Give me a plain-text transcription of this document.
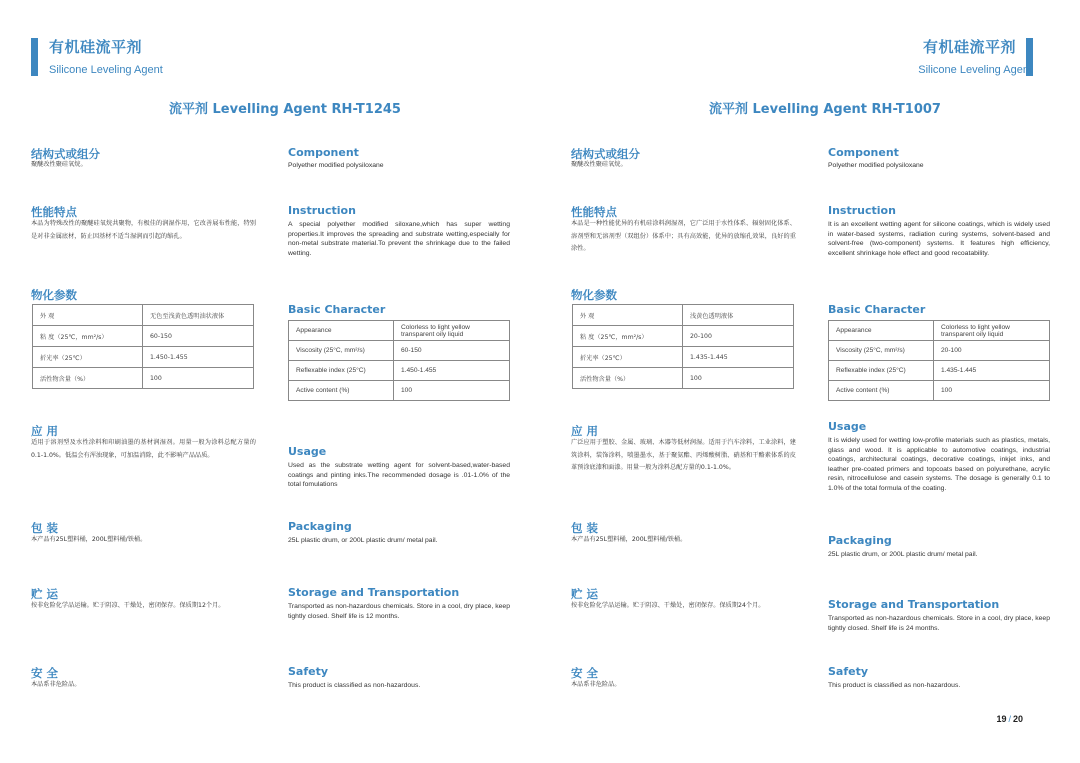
有机硅流平剂
Silicone Leveling Agent
有机硅流平剂
Silicone Leveling Agent
流平剂 Levelling Agent RH-T1245
结构式或组分
聚醚改性聚硅氧烷。
Component
Polyether modified polysiloxane
性能特点
本品为特殊改性的聚醚硅氧烷共聚物，有极佳的润湿作用，它改善展布性能，特别是对非金属底材，防止因基材不适当湿润而引起的缩孔。
Instruction
A special polyether modified siloxane,which has super wetting properties.It improves the spreading and substrate wetting,especially for non-metal substrate material.To prevent the shrinkage due to the failed wetting.
物化参数
外 观	无色至浅黄色透明油状液体
粘 度（25℃，mm²/s）	60-150
折光率（25℃）	1.450-1.455
活性物含量（%）	100
Basic Character
Appearance	Colorless to light yellow transparent oily liquid
Viscosity (25°C, mm²/s)	60-150
Reflexable index (25°C)	1.450-1.455
Active content (%)	100
应 用
适用于溶剂型及水性涂料和印刷油墨的基材润湿剂。用量一般为涂料总配方量的0.1-1.0%。低温会有浑浊现象，可加温消除，此不影响产品品质。	Usage
Used as the substrate wetting agent for solvent-based,water-based coatings and pinting inks.The recommended dosage is .01-1.0% of the total fomulations
包 装
本产品有25L塑料桶，200L塑料桶/铁桶。
Packaging
25L plastic drum, or 200L plastic drum/ metal pail.
贮 运
按非危险化学品运输。贮于阴凉、干燥处，密闭保存。保质期12个月。
Storage and Transportation
Transported as non-hazardous chemicals. Store in a cool, dry place, keep tightly closed. Shelf life is 12 months.
安 全
本品系非危险品。
Safety
This product is classified as non-hazardous.
流平剂 Levelling Agent RH-T1007
结构式或组分
聚醚改性聚硅氧烷。
Component
Polyether modified polysiloxane
性能特点
本品是一种性能优异的有机硅涂料润湿剂，它广泛用于水性体系、辐射固化体系、溶剂型和无溶剂型（双组份）体系中；具有高效能，优异的放缩孔效果，良好的重涂性。
Instruction
It is an excellent wetting agent for silicone coatings, which is widely used in water-based systems, radiation curing systems, solvent-based and solvent-free (two-component) systems. It features high efficiency, excellent shrinkage hole effect and good recoatability.
物化参数
外 观	浅黄色透明液体
粘 度（25℃，mm²/s）	20-100
折光率（25℃）	1.435-1.445
活性物含量（%）	100
Basic Character
Appearance	Colorless to light yellow transparent oily liquid
Viscosity (25°C, mm²/s)	20-100
Reflexable index (25°C)	1.435-1.445
Active content (%)	100
应 用
广泛应用于塑胶、金属、玻璃、木器等低材润湿。适用于汽车涂料，工业涂料，建筑涂料，装饰涂料，喷墨墨水，基于聚氨酯、丙烯酸树脂、硝基和干酪素体系的皮革预涂底漆和面漆。用量一般为涂料总配方量的0.1-1.0%。
Usage
It is widely used for wetting low-profile materials such as plastics, metals, glass and wood. It is applicable to automotive coatings, industrial coatings, architectural coatings, decorative coatings, inkjet inks, and leather pre-coated primers and topcoats based on polyurethane, acrylic resin, nitrocellulose and casein systems. The dosage is generally 0.1 to 1.0% of the total formula of the coating.
包 装
本产品有25L塑料桶，200L塑料桶/铁桶。	Packaging
25L plastic drum, or 200L plastic drum/ metal pail.
贮 运
按非危险化学品运输。贮于阴凉、干燥处，密闭保存。保质期24个月。	Storage and Transportation
Transported as non-hazardous chemicals. Store in a cool, dry place, keep tightly closed. Shelf life is 24 months.
安 全
本品系非危险品。
Safety
This product is classified as non-hazardous.
19 / 20
